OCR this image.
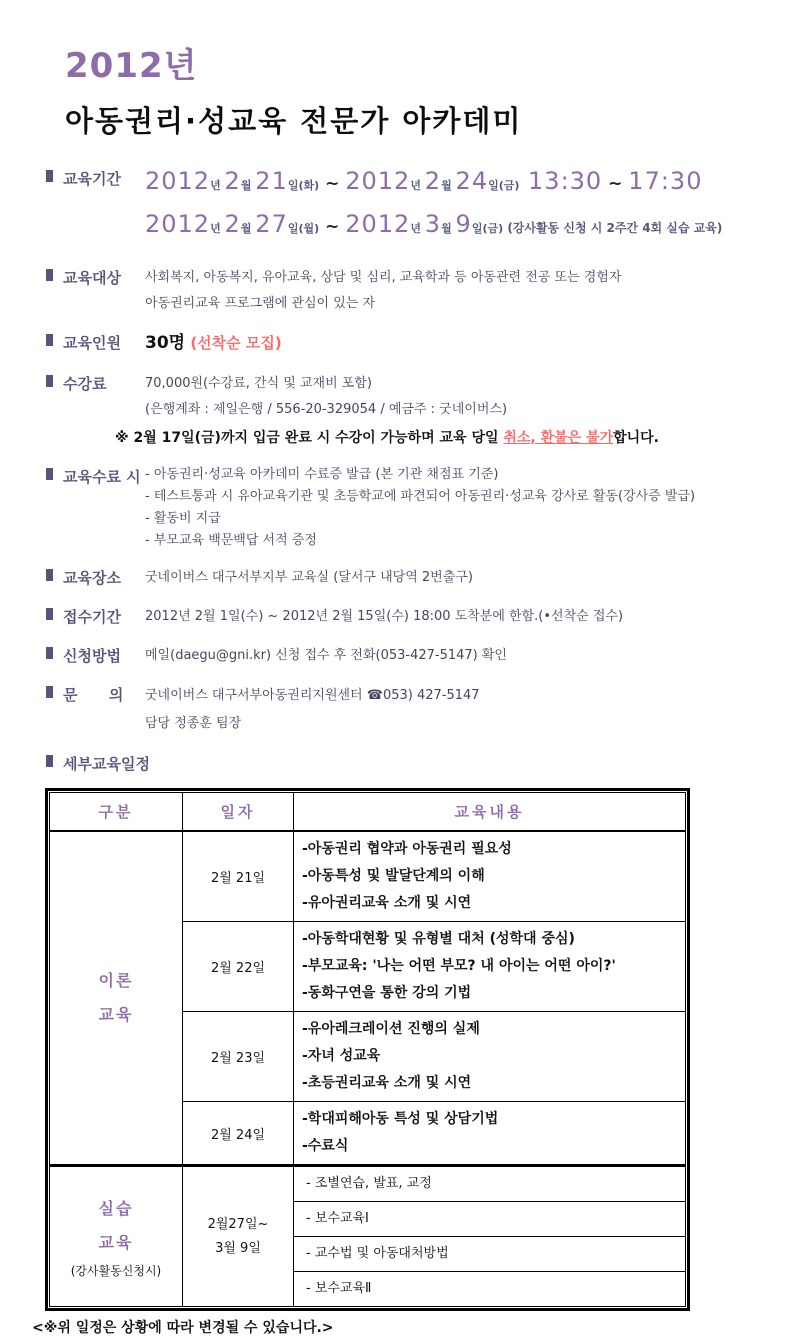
2012년
아동권리·성교육 전문가 아카데미
교육기간	2012년 2월 21일(화) ~ 2012년 2월 24일(금) 13:30 ~ 17:30
2012년 2월 27일(월) ~ 2012년 3월 9일(금) (강사활동 신청 시 2주간 4회 실습 교육)
교육대상	사회복지, 아동복지, 유아교육, 상담 및 심리, 교육학과 등 아동관련 전공 또는 경험자
아동권리교육 프로그램에 관심이 있는 자
교육인원	30명 (선착순 모집)
수강료	70,000원(수강료, 간식 및 교재비 포함)
(은행계좌 : 제일은행 / 556-20-329054 / 예금주 : 굿네이버스)
※ 2월 17일(금)까지 입금 완료 시 수강이 가능하며 교육 당일 취소, 환불은 불가합니다.
교육수료 시 - 아동권리·성교육 아카데미 수료증 발급 (본 기관 채점표 기준)
- 테스트통과 시 유아교육기관 및 초등학교에 파견되어 아동권리·성교육 강사로 활동(강사증 발급)
- 활동비 지급
- 부모교육 백문백답 서적 증정
교육장소	굿네이버스 대구서부지부 교육실 (달서구 내당역 2번출구)
접수기간	2012년 2월 1일(수) ~ 2012년 2월 15일(수) 18:00 도착분에 한함.(•선착순 접수)
신청방법	메일(daegu@gni.kr) 신청 접수 후 전화(053-427-5147) 확인
문      의	굿네이버스 대구서부아동권리지원센터 ☎053) 427-5147
담당 정종훈 팀장
세부교육일정
구분	일자	교육내용

이론
교육
	2월 21일	
-아동권리 협약과 아동권리 필요성
-아동특성 및 발달단계의 이해
-유아권리교육 소개 및 시연

	2월 22일	-아동학대현황 및 유형별 대처 (성학대 중심)
-부모교육: '나는 어떤 부모? 내 아이는 어떤 아이?'
-동화구연을 통한 강의 기법

	2월 23일	-유아레크레이션 진행의 실제
-자녀 성교육
-초등권리교육 소개 및 시연

	2월 24일	-학대피해아동 특성 및 상담기법
-수료식

실습
교육
(강사활동신청시)

2월27일~
3월 9일
	- 조별연습, 발표, 교정
		- 보수교육Ⅰ
		- 교수법 및 아동대처방법
		- 보수교육Ⅱ
<※위 일정은 상황에 따라 변경될 수 있습니다.>
